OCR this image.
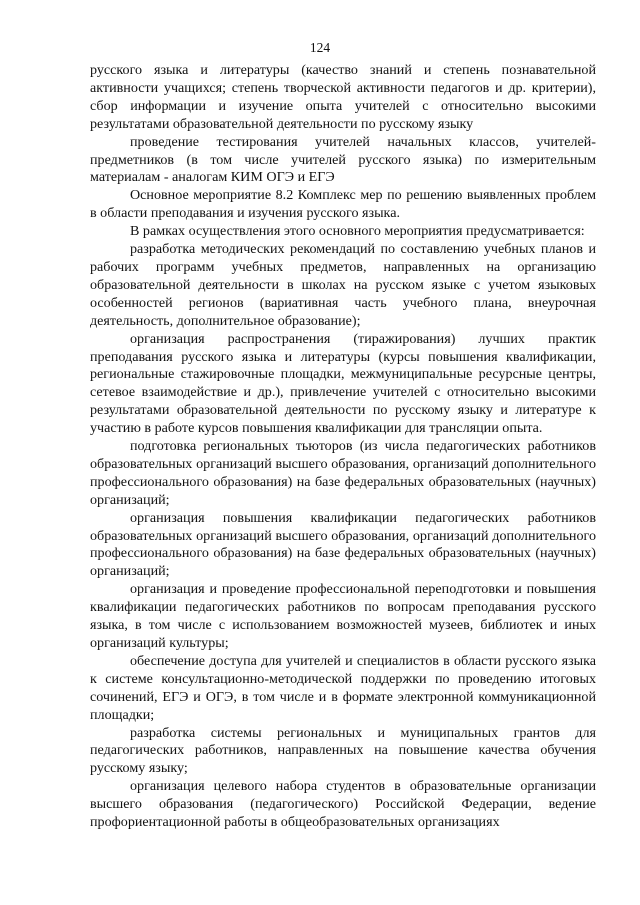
124

русского языка и литературы (качество знаний и степень познавательной активности учащихся; степень творческой активности педагогов и др. критерии), сбор информации и изучение опыта учителей с относительно высокими результатами образовательной деятельности по русскому языку

проведение тестирования учителей начальных классов, учителей-предметников (в том числе учителей русского языка) по измерительным материалам - аналогам КИМ ОГЭ и ЕГЭ

Основное мероприятие 8.2 Комплекс мер по решению выявленных проблем в области преподавания и изучения русского языка.

В рамках осуществления этого основного мероприятия предусматривается:

разработка методических рекомендаций по составлению учебных планов и рабочих программ учебных предметов, направленных на организацию образовательной деятельности в школах на русском языке с учетом языковых особенностей регионов (вариативная часть учебного плана, внеурочная деятельность, дополнительное образование);

организация распространения (тиражирования) лучших практик преподавания русского языка и литературы (курсы повышения квалификации, региональные стажировочные площадки, межмуниципальные ресурсные центры, сетевое взаимодействие и др.), привлечение учителей с относительно высокими результатами образовательной деятельности по русскому языку и литературе к участию в работе курсов повышения квалификации для трансляции опыта.

подготовка региональных тьюторов (из числа педагогических работников образовательных организаций высшего образования, организаций дополнительного профессионального образования) на базе федеральных образовательных (научных) организаций;

организация повышения квалификации педагогических работников образовательных организаций высшего образования, организаций дополнительного профессионального образования) на базе федеральных образовательных (научных) организаций;

организация и проведение профессиональной переподготовки и повышения квалификации педагогических работников по вопросам преподавания русского языка, в том числе с использованием возможностей музеев, библиотек и иных организаций культуры;

обеспечение доступа для учителей и специалистов в области русского языка к системе консультационно-методической поддержки по проведению итоговых сочинений, ЕГЭ и ОГЭ, в том числе и в формате электронной коммуникационной площадки;

разработка системы региональных и муниципальных грантов для педагогических работников, направленных на повышение качества обучения русскому языку;

организация целевого набора студентов в образовательные организации высшего образования (педагогического) Российской Федерации, ведение профориентационной работы в общеобразовательных организациях
